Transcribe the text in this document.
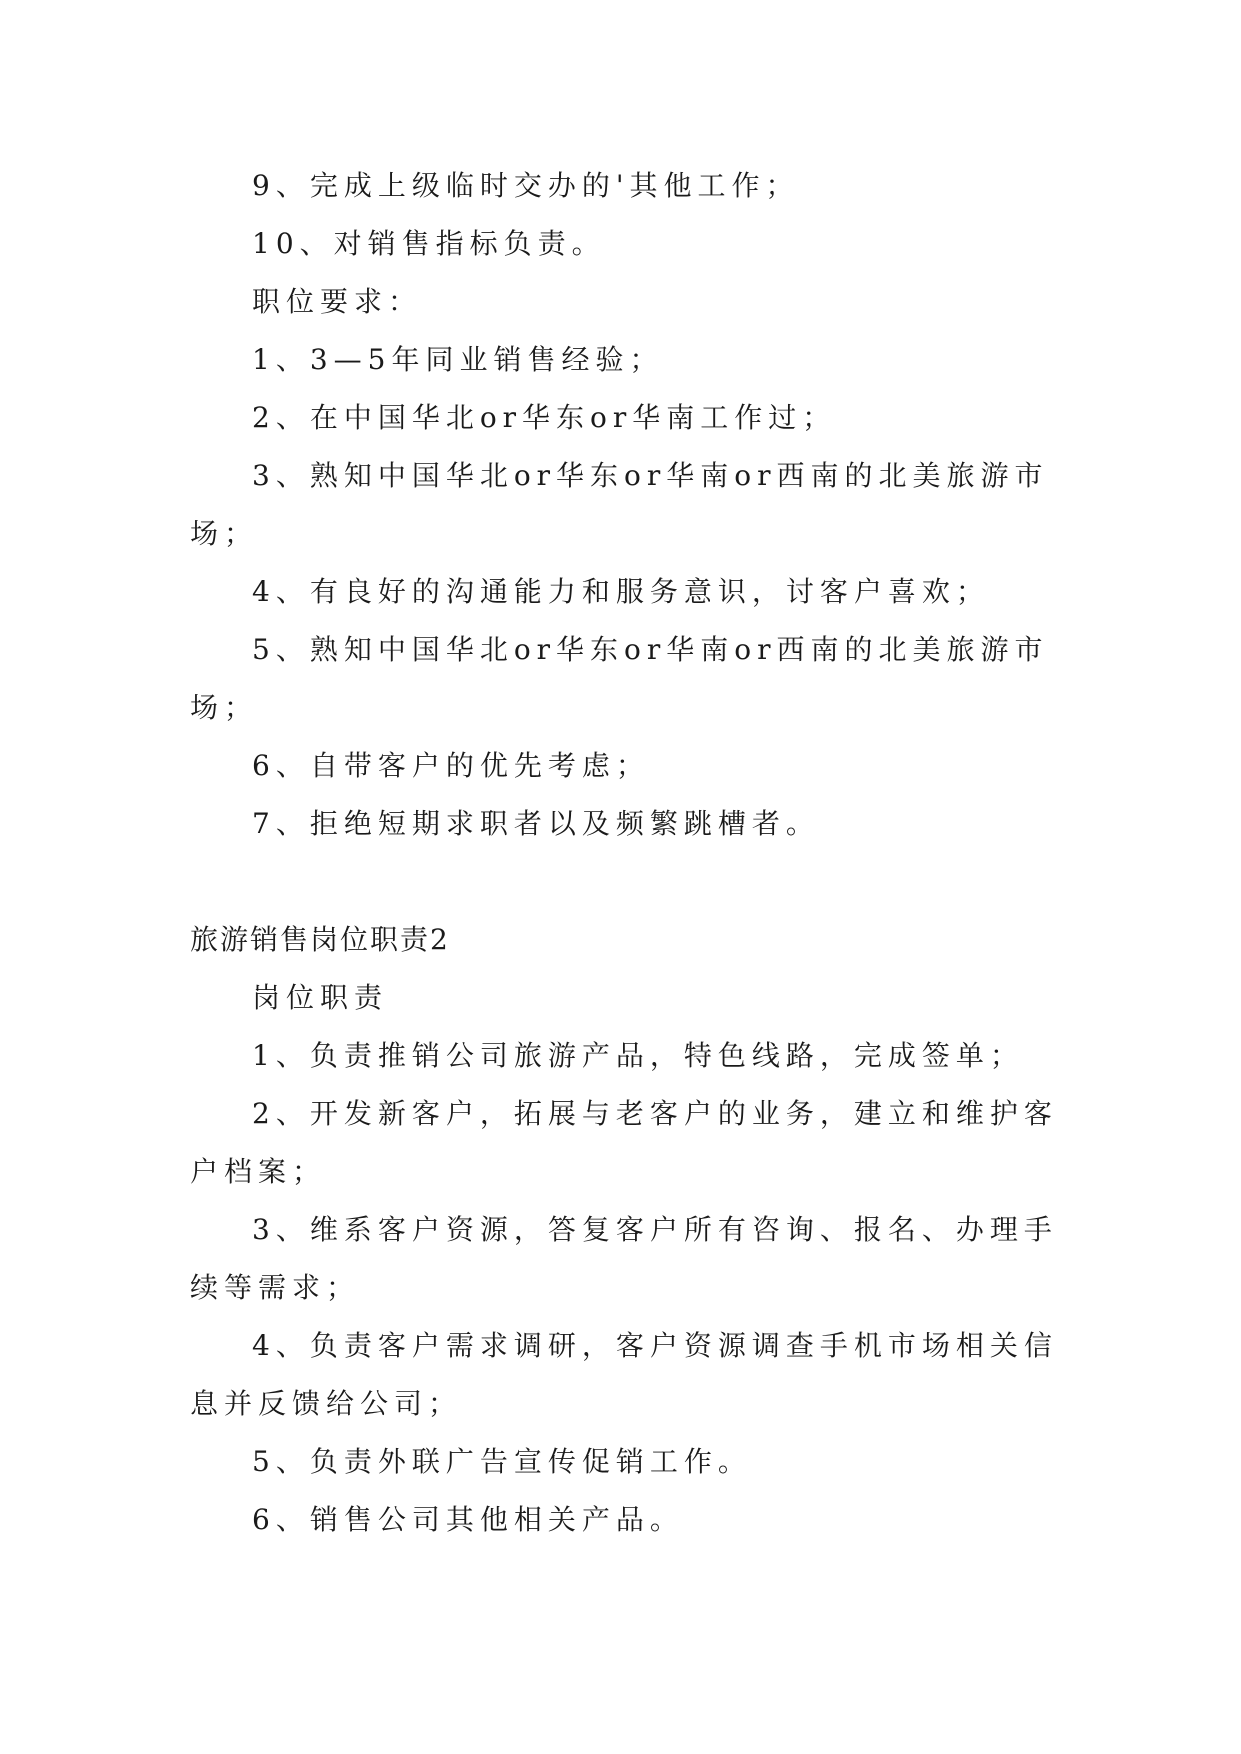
9、完成上级临时交办的'其他工作；
10、对销售指标负责。
职位要求：
1、3—5年同业销售经验；
2、在中国华北or华东or华南工作过；
3、熟知中国华北or华东or华南or西南的北美旅游市
场；
4、有良好的沟通能力和服务意识，讨客户喜欢；
5、熟知中国华北or华东or华南or西南的北美旅游市
场；
6、自带客户的优先考虑；
7、拒绝短期求职者以及频繁跳槽者。
旅游销售岗位职责2
岗位职责
1、负责推销公司旅游产品，特色线路，完成签单；
2、开发新客户，拓展与老客户的业务，建立和维护客
户档案；
3、维系客户资源，答复客户所有咨询、报名、办理手
续等需求；
4、负责客户需求调研，客户资源调查手机市场相关信
息并反馈给公司；
5、负责外联广告宣传促销工作。
6、销售公司其他相关产品。
